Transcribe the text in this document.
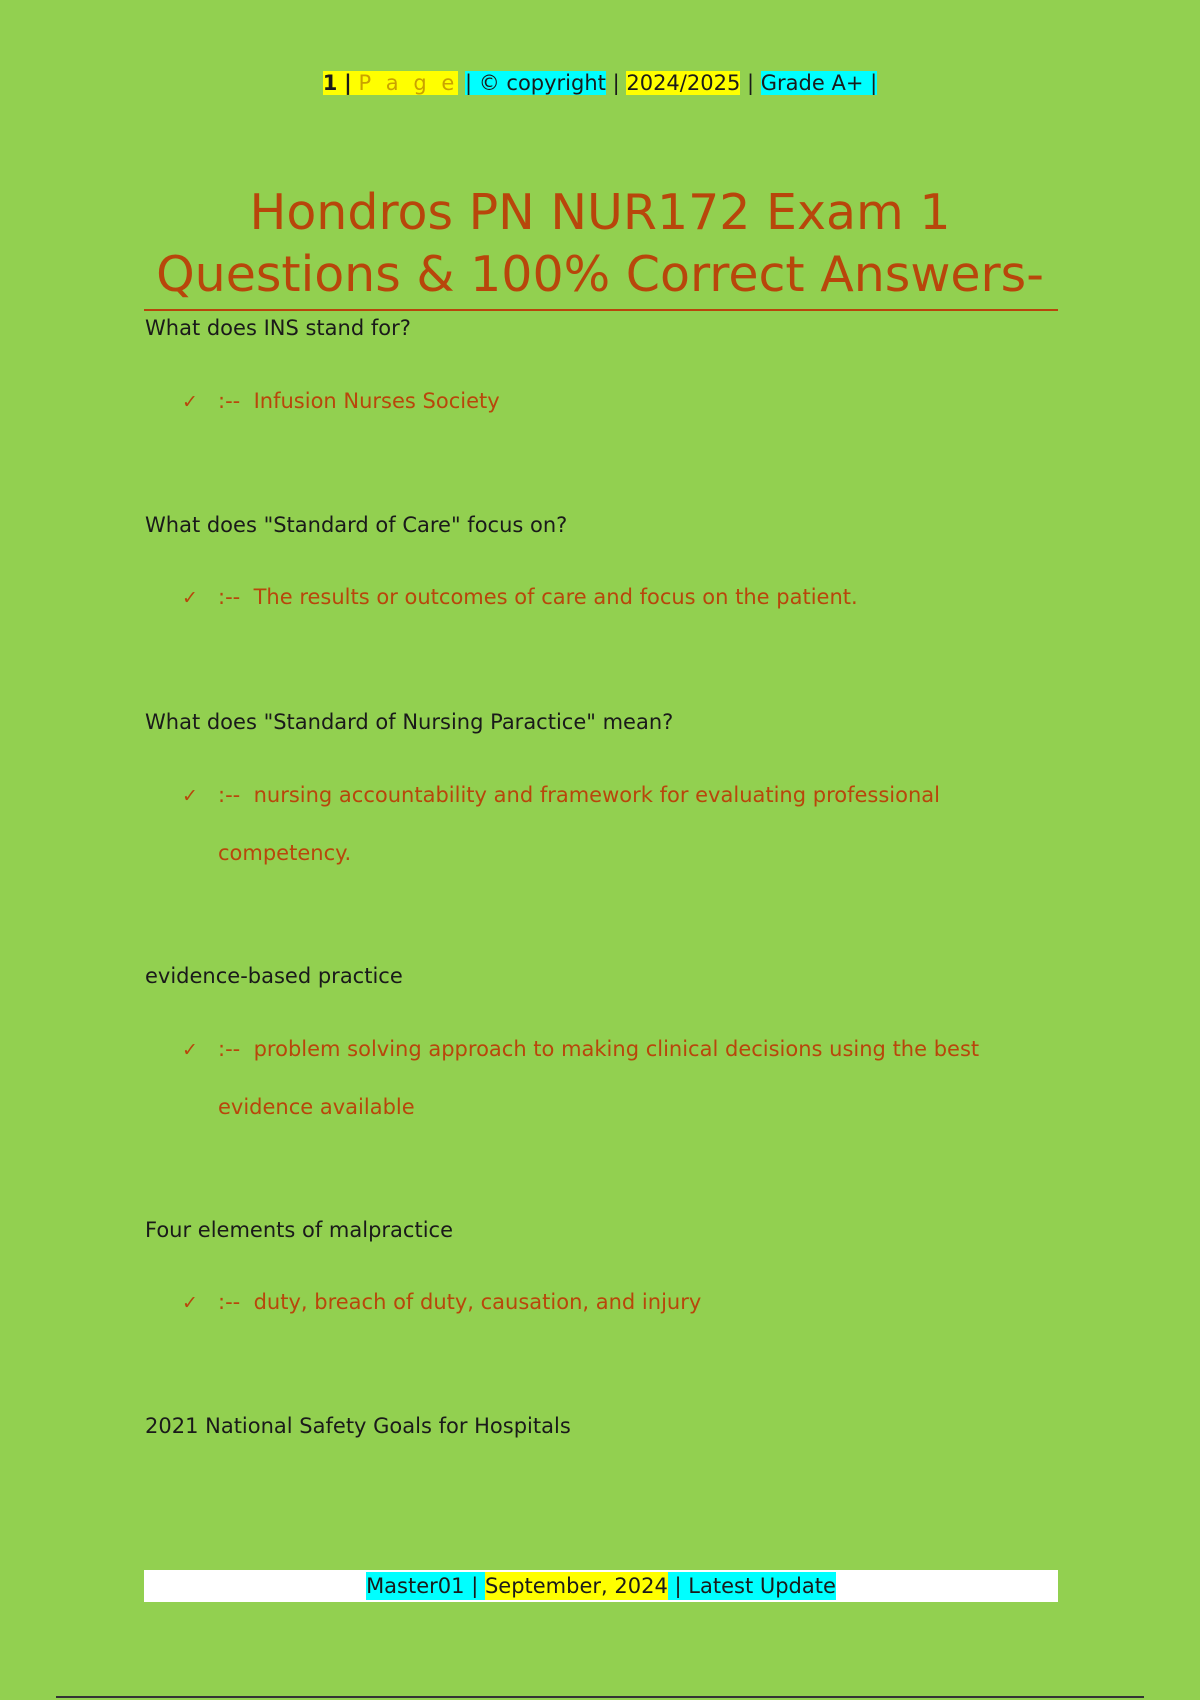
1 | P a g e | © copyright | 2024/2025 | Grade A+ |
Hondros PN NUR172 Exam 1 Questions & 100% Correct Answers-
What does INS stand for?
✓ :-- Infusion Nurses Society
What does "Standard of Care" focus on?
✓ :-- The results or outcomes of care and focus on the patient.
What does "Standard of Nursing Paractice" mean?
✓ :-- nursing accountability and framework for evaluating professional
competency.
evidence-based practice
✓ :-- problem solving approach to making clinical decisions using the best
evidence available
Four elements of malpractice
✓ :-- duty, breach of duty, causation, and injury
2021 National Safety Goals for Hospitals
Master01 | September, 2024 | Latest Update
